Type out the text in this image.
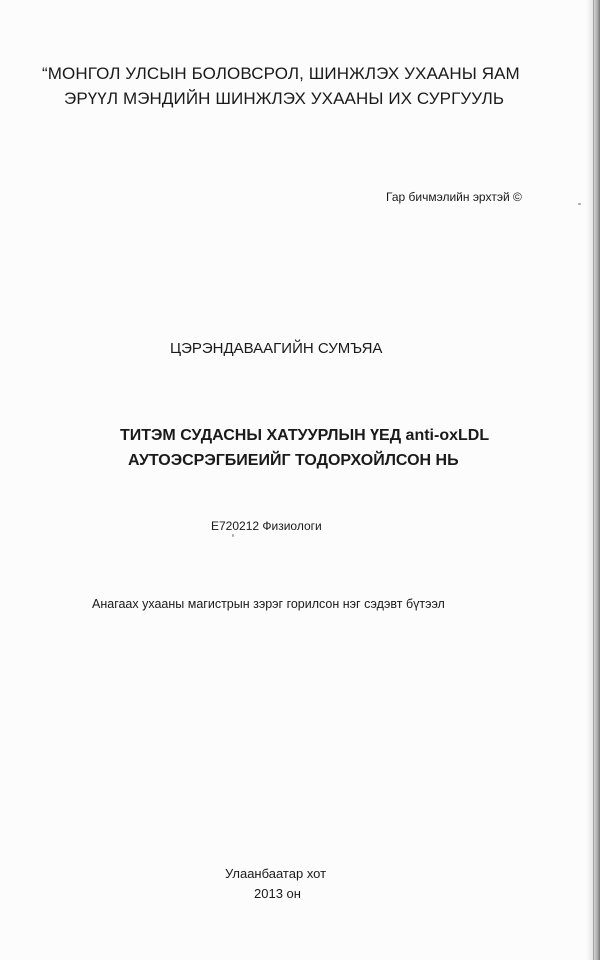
“МОНГОЛ УЛСЫН БОЛОВСРОЛ, ШИНЖЛЭХ УХААНЫ ЯАМ
ЭРҮҮЛ МЭНДИЙН ШИНЖЛЭХ УХААНЫ ИХ СУРГУУЛЬ
Гар бичмэлийн эрхтэй ©
ЦЭРЭНДАВААГИЙН СУМЪЯА
ТИТЭМ СУДАСНЫ ХАТУУРЛЫН ҮЕД anti-oxLDL
АУТОЭСРЭГБИЕИЙГ ТОДОРХОЙЛСОН НЬ
E720212 Физиологи
Анагаах ухааны магистрын зэрэг горилсон нэг сэдэвт бүтээл
Улаанбаатар хот
2013 он
